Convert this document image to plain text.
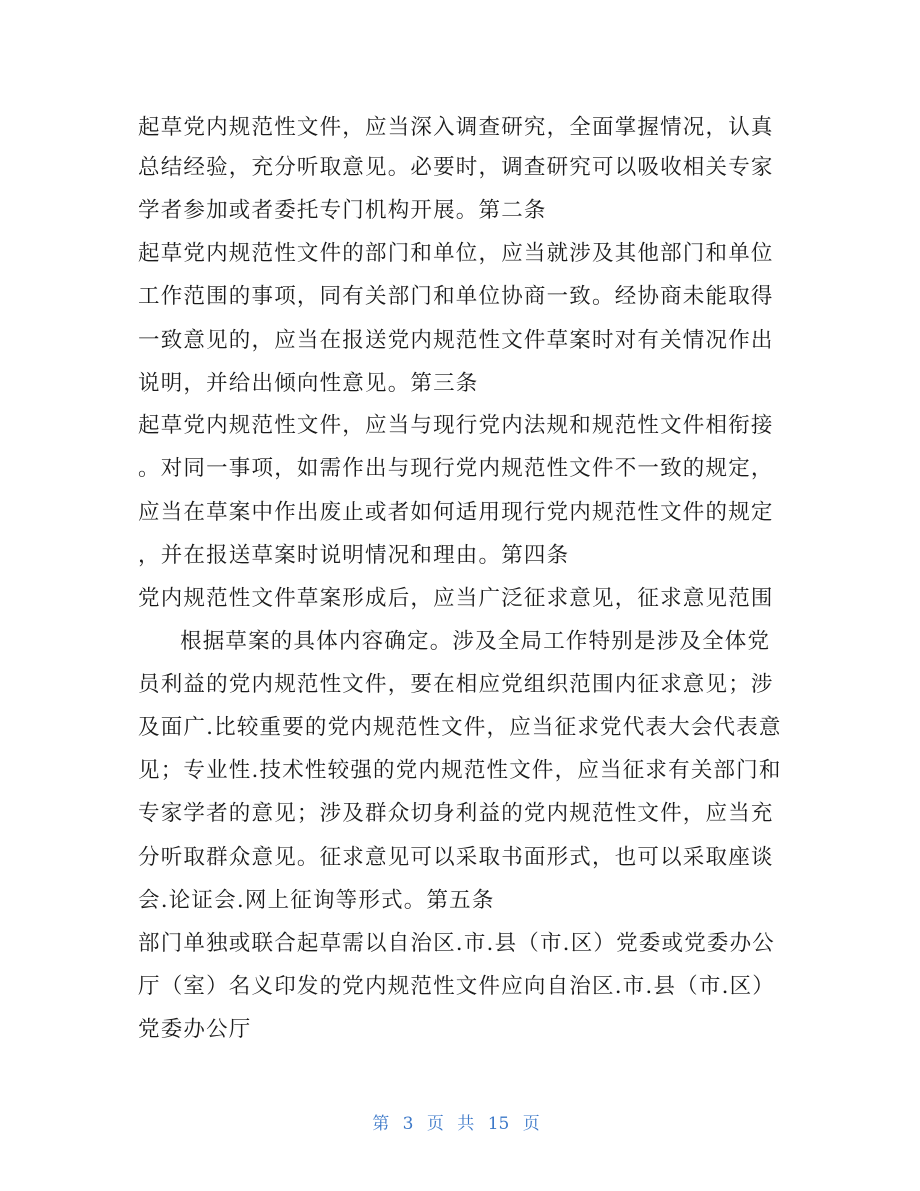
起草党内规范性文件，应当深入调查研究，全面掌握情况，认真
总结经验，充分听取意见。必要时，调查研究可以吸收相关专家
学者参加或者委托专门机构开展。第二条
起草党内规范性文件的部门和单位，应当就涉及其他部门和单位
工作范围的事项，同有关部门和单位协商一致。经协商未能取得
一致意见的，应当在报送党内规范性文件草案时对有关情况作出
说明，并给出倾向性意见。第三条
起草党内规范性文件，应当与现行党内法规和规范性文件相衔接
。对同一事项，如需作出与现行党内规范性文件不一致的规定，
应当在草案中作出废止或者如何适用现行党内规范性文件的规定
，并在报送草案时说明情况和理由。第四条
党内规范性文件草案形成后，应当广泛征求意见，征求意见范围
根据草案的具体内容确定。涉及全局工作特别是涉及全体党
员利益的党内规范性文件，要在相应党组织范围内征求意见；涉
及面广.比较重要的党内规范性文件，应当征求党代表大会代表意
见；专业性.技术性较强的党内规范性文件，应当征求有关部门和
专家学者的意见；涉及群众切身利益的党内规范性文件，应当充
分听取群众意见。征求意见可以采取书面形式，也可以采取座谈
会.论证会.网上征询等形式。第五条
部门单独或联合起草需以自治区.市.县（市.区）党委或党委办公
厅（室）名义印发的党内规范性文件应向自治区.市.县（市.区）
党委办公厅
第 3 页 共 15 页
